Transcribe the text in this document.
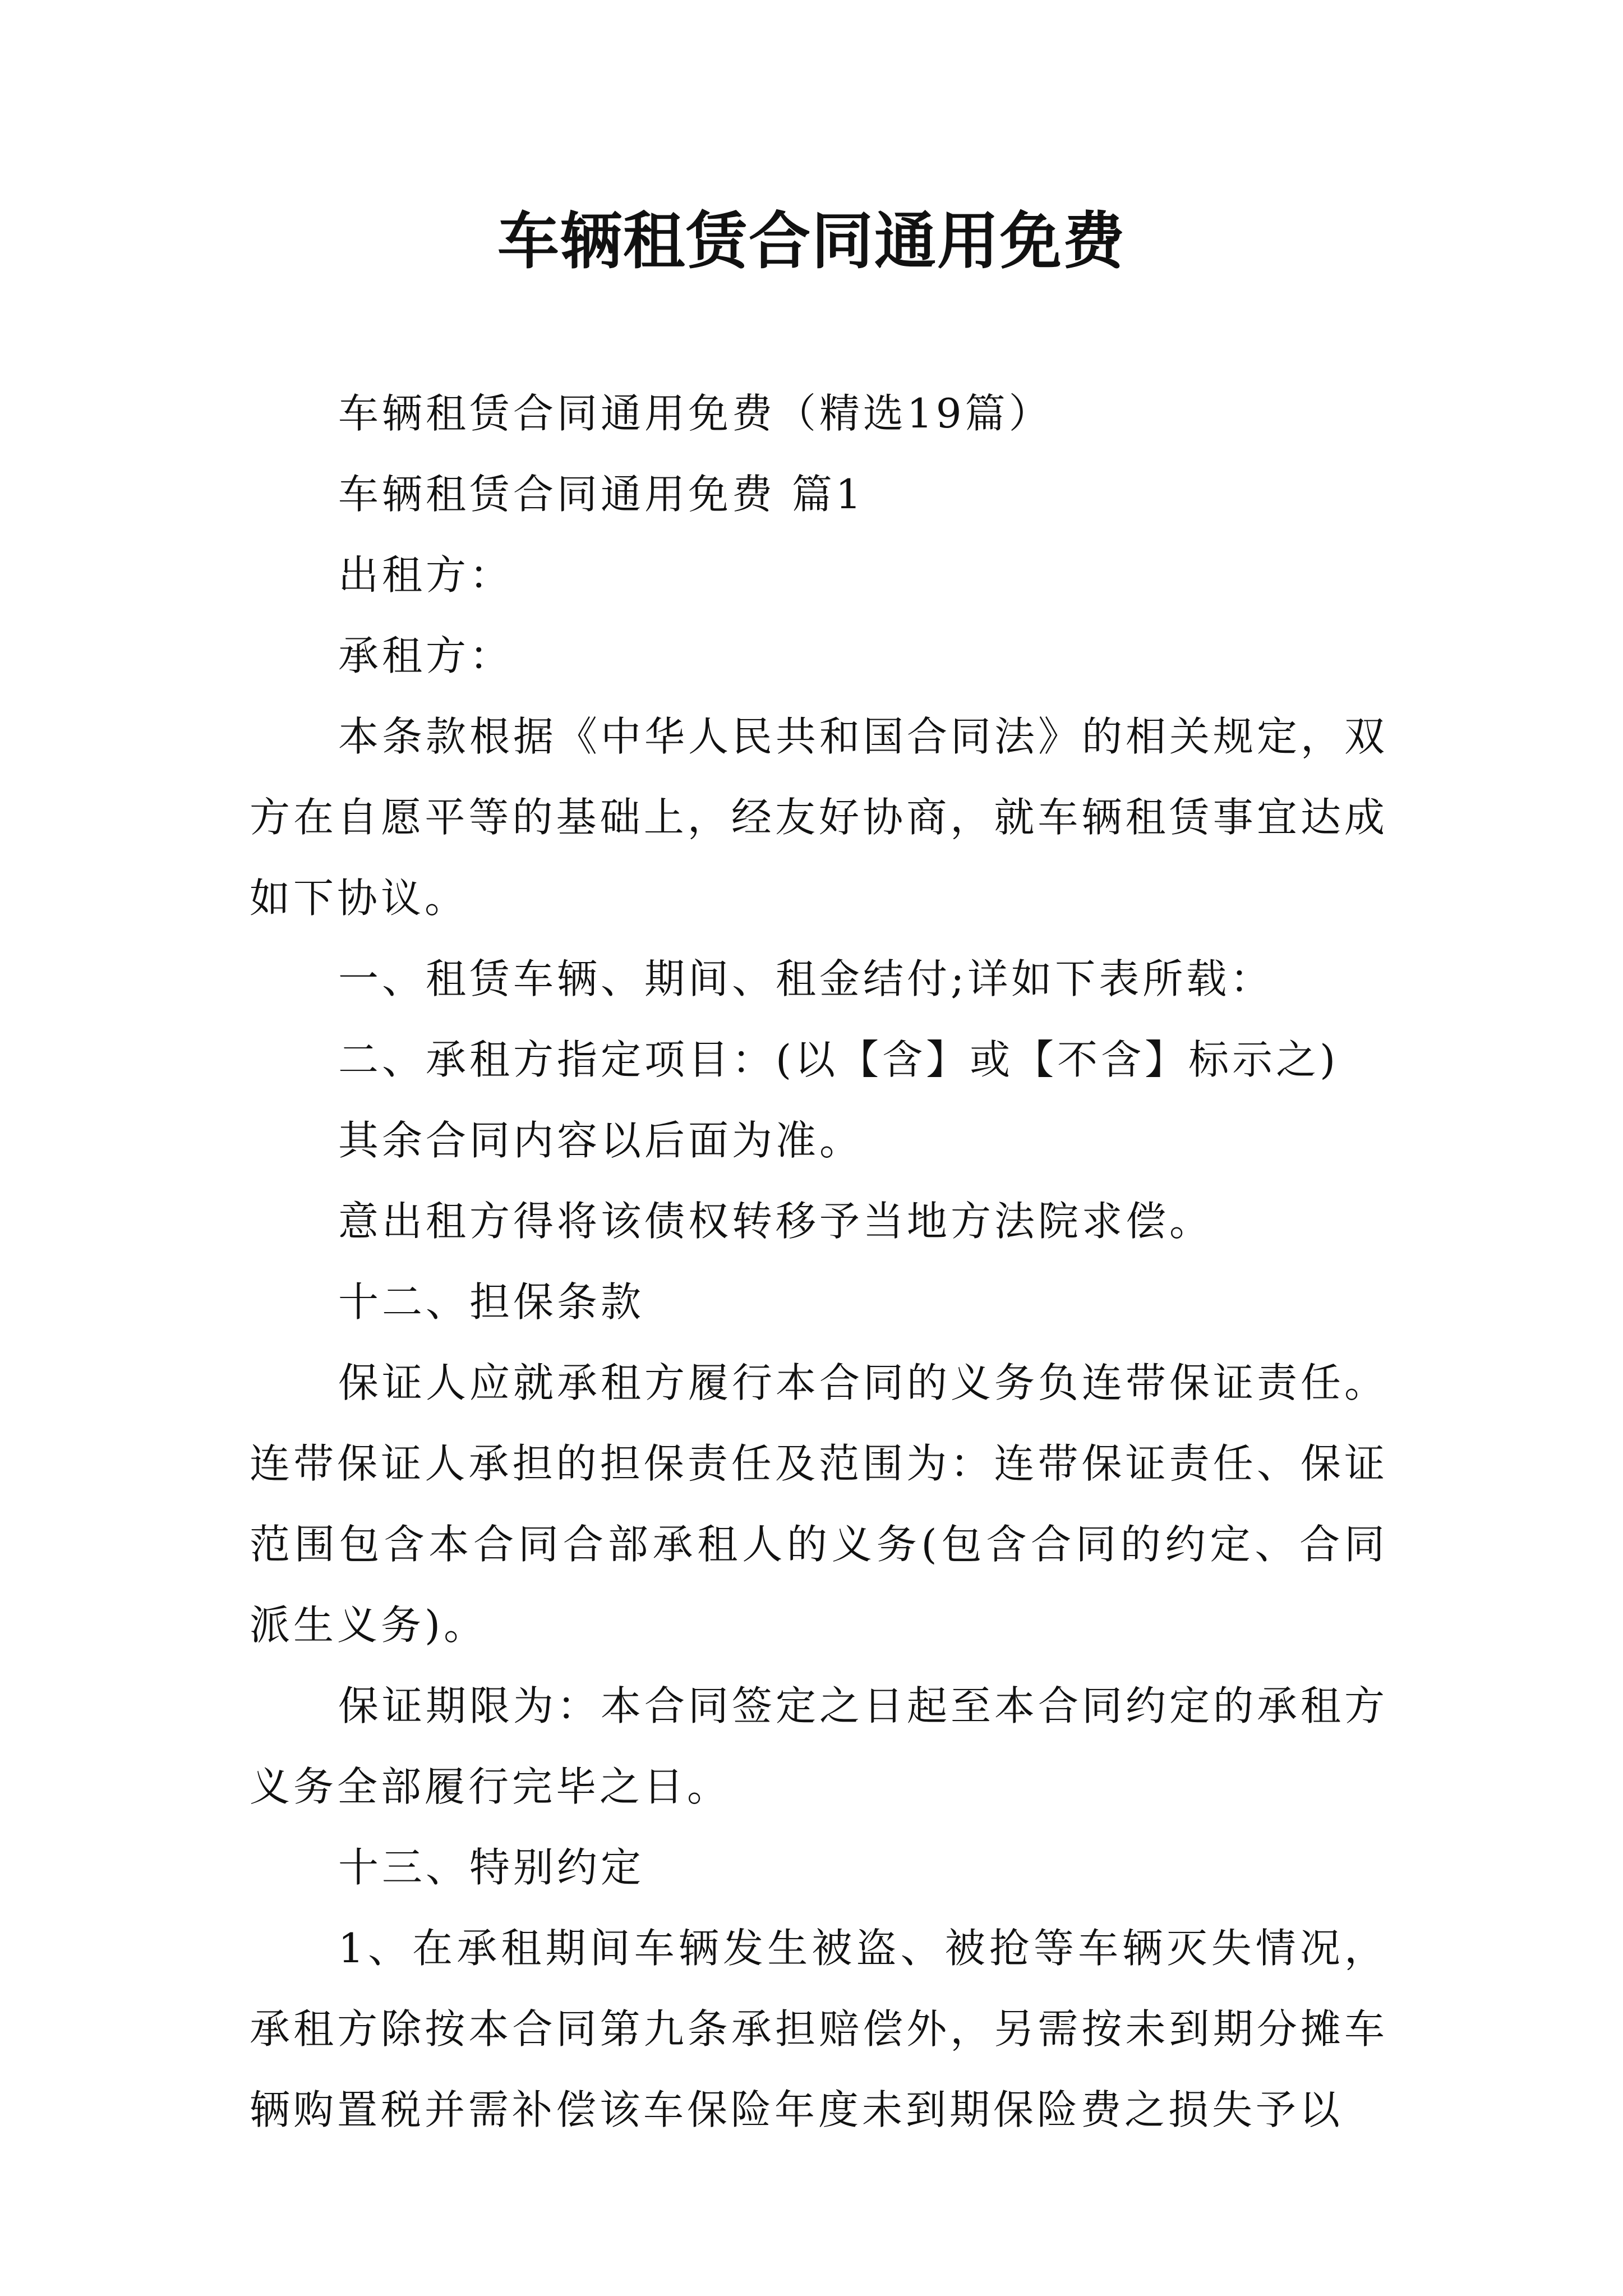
车辆租赁合同通用免费

车辆租赁合同通用免费（精选19篇）

车辆租赁合同通用免费 篇1

出租方：

承租方：

本条款根据《中华人民共和国合同法》的相关规定，双方在自愿平等的基础上，经友好协商，就车辆租赁事宜达成如下协议。

一、租赁车辆、期间、租金结付;详如下表所载：

二、承租方指定项目：(以【含】或【不含】标示之)

其余合同内容以后面为准。

意出租方得将该债权转移予当地方法院求偿。

十二、担保条款

保证人应就承租方履行本合同的义务负连带保证责任。连带保证人承担的担保责任及范围为：连带保证责任、保证范围包含本合同合部承租人的义务(包含合同的约定、合同派生义务)。

保证期限为：本合同签定之日起至本合同约定的承租方义务全部履行完毕之日。

十三、特别约定

1、在承租期间车辆发生被盗、被抢等车辆灭失情况，承租方除按本合同第九条承担赔偿外，另需按未到期分摊车辆购置税并需补偿该车保险年度未到期保险费之损失予以
